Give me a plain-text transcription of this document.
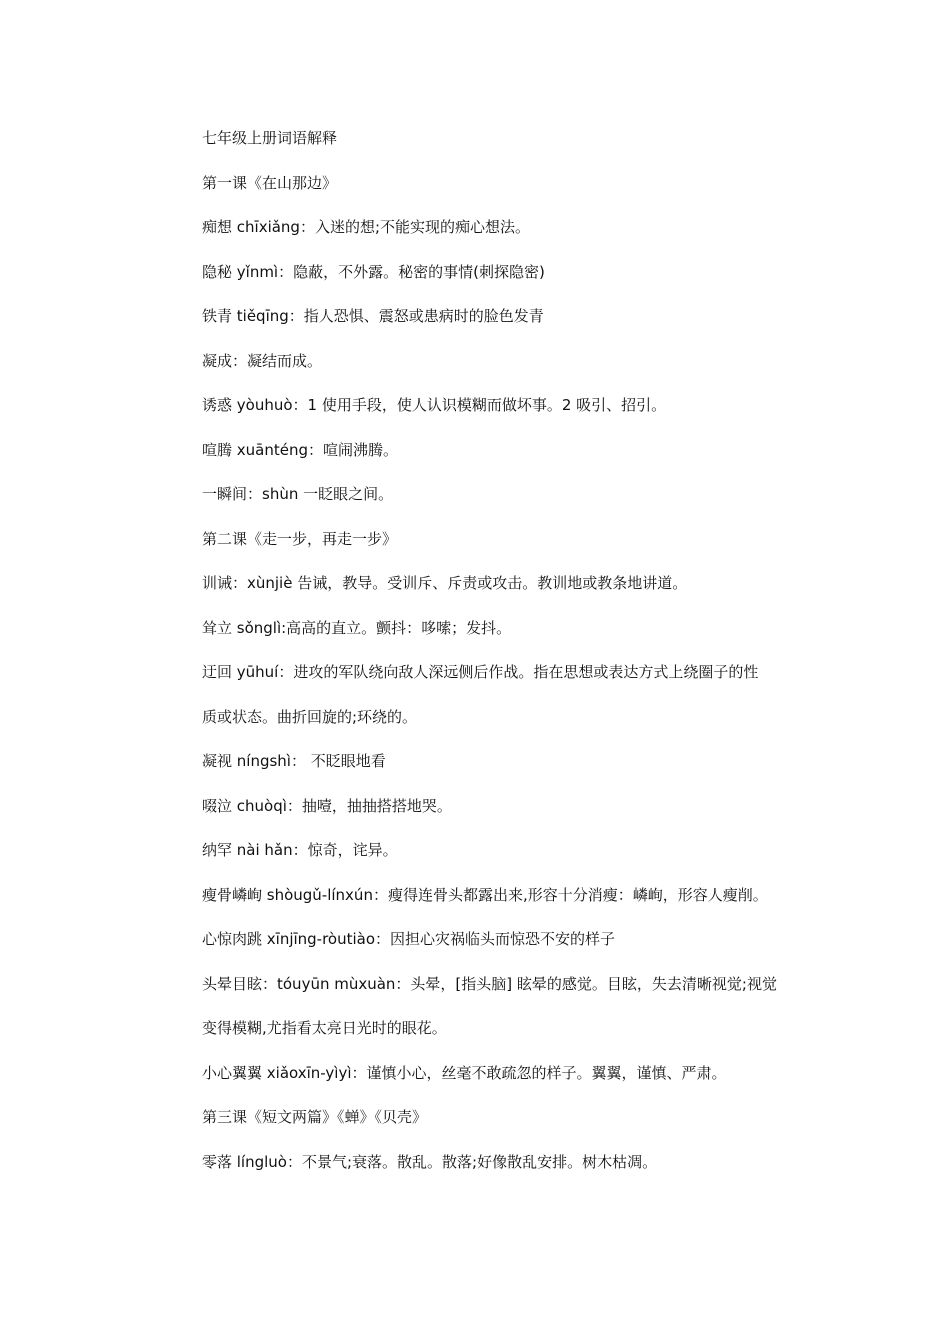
七年级上册词语解释
第一课《在山那边》
痴想 chīxiǎng：入迷的想;不能实现的痴心想法。
隐秘 yǐnmì：隐蔽，不外露。秘密的事情(刺探隐密)
铁青 tiěqīng：指人恐惧、震怒或患病时的脸色发青
凝成：凝结而成。
诱惑 yòuhuò：1 使用手段，使人认识模糊而做坏事。2 吸引、招引。
喧腾 xuānténg：喧闹沸腾。
一瞬间：shùn 一眨眼之间。
第二课《走一步，再走一步》
训诫：xùnjiè 告诫，教导。受训斥、斥责或攻击。教训地或教条地讲道。
耸立 sǒnglì:高高的直立。颤抖：哆嗦；发抖。
迂回 yūhuí：进攻的军队绕向敌人深远侧后作战。指在思想或表达方式上绕圈子的性
质或状态。曲折回旋的;环绕的。
凝视 níngshì： 不眨眼地看
啜泣 chuòqì：抽噎，抽抽搭搭地哭。
纳罕 nài hǎn：惊奇，诧异。
瘦骨嶙峋 shòugǔ-línxún：瘦得连骨头都露出来,形容十分消瘦：嶙峋，形容人瘦削。
心惊肉跳 xīnjīng-ròutiào：因担心灾祸临头而惊恐不安的样子
头晕目眩：tóuyūn mùxuàn：头晕，[指头脑] 眩晕的感觉。目眩，失去清晰视觉;视觉
变得模糊,尤指看太亮日光时的眼花。
小心翼翼 xiǎoxīn-yìyì：谨慎小心，丝毫不敢疏忽的样子。翼翼，谨慎、严肃。
第三课《短文两篇》《蝉》《贝壳》
零落 língluò：不景气;衰落。散乱。散落;好像散乱安排。树木枯凋。
